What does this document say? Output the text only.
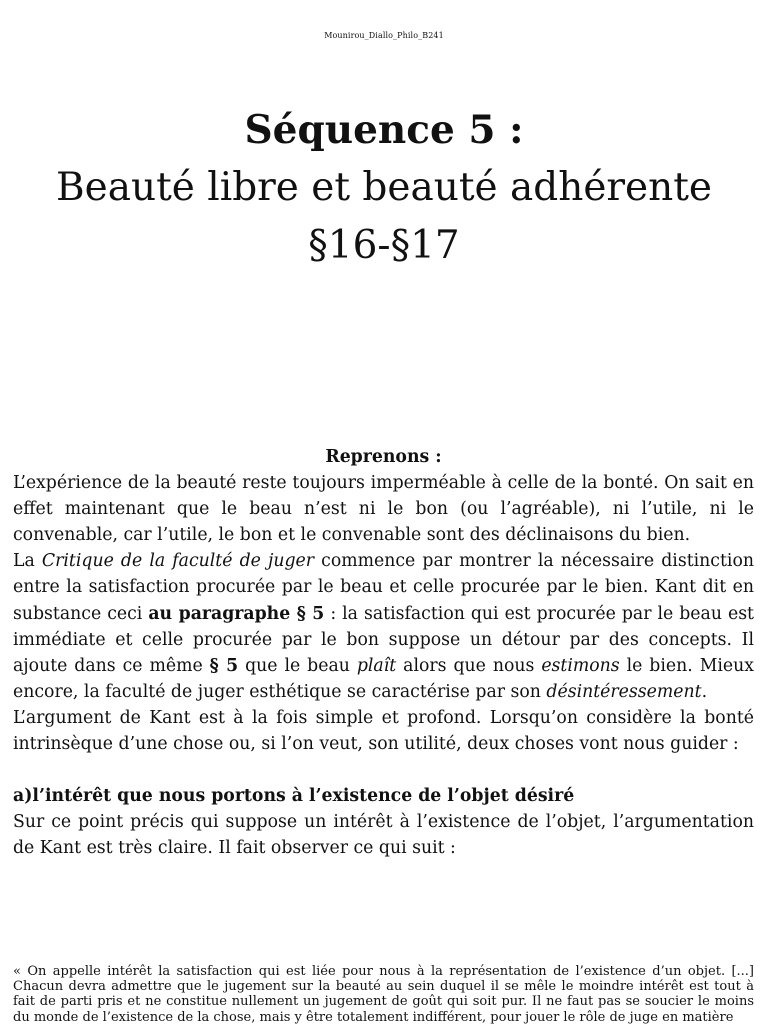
Mounirou_Diallo_Philo_B241
Séquence 5 :
Beauté libre et beauté adhérente
§16-§17

Reprenons :

L’expérience de la beauté reste toujours imperméable à celle de la bonté. On sait en effet maintenant que le beau n’est ni le bon (ou l’agréable), ni l’utile, ni le convenable, car l’utile, le bon et le convenable sont des déclinaisons du bien.

La Critique de la faculté de juger commence par montrer la nécessaire distinction entre la satisfaction procurée par le beau et celle procurée par le bien. Kant dit en substance ceci au paragraphe § 5 : la satisfaction qui est procurée par le beau est immédiate et celle procurée par le bon suppose un détour par des concepts. Il ajoute dans ce même § 5 que le beau plaît alors que nous estimons le bien. Mieux encore, la faculté de juger esthétique se caractérise par son désintéressement.

L’argument de Kant est à la fois simple et profond. Lorsqu’on considère la bonté intrinsèque d’une chose ou, si l’on veut, son utilité, deux choses vont nous guider :

a)l’intérêt que nous portons à l’existence de l’objet désiré

Sur ce point précis qui suppose un intérêt à l’existence de l’objet, l’argumentation de Kant est très claire. Il fait observer ce qui suit :

« On appelle intérêt la satisfaction qui est liée pour nous à la représentation de l’existence d’un objet. [...] Chacun devra admettre que le jugement sur la beauté au sein duquel il se mêle le moindre intérêt est tout à fait de parti pris et ne constitue nullement un jugement de goût qui soit pur. Il ne faut pas se soucier le moins du monde de l’existence de la chose, mais y être totalement indifférent, pour jouer le rôle de juge en matière
